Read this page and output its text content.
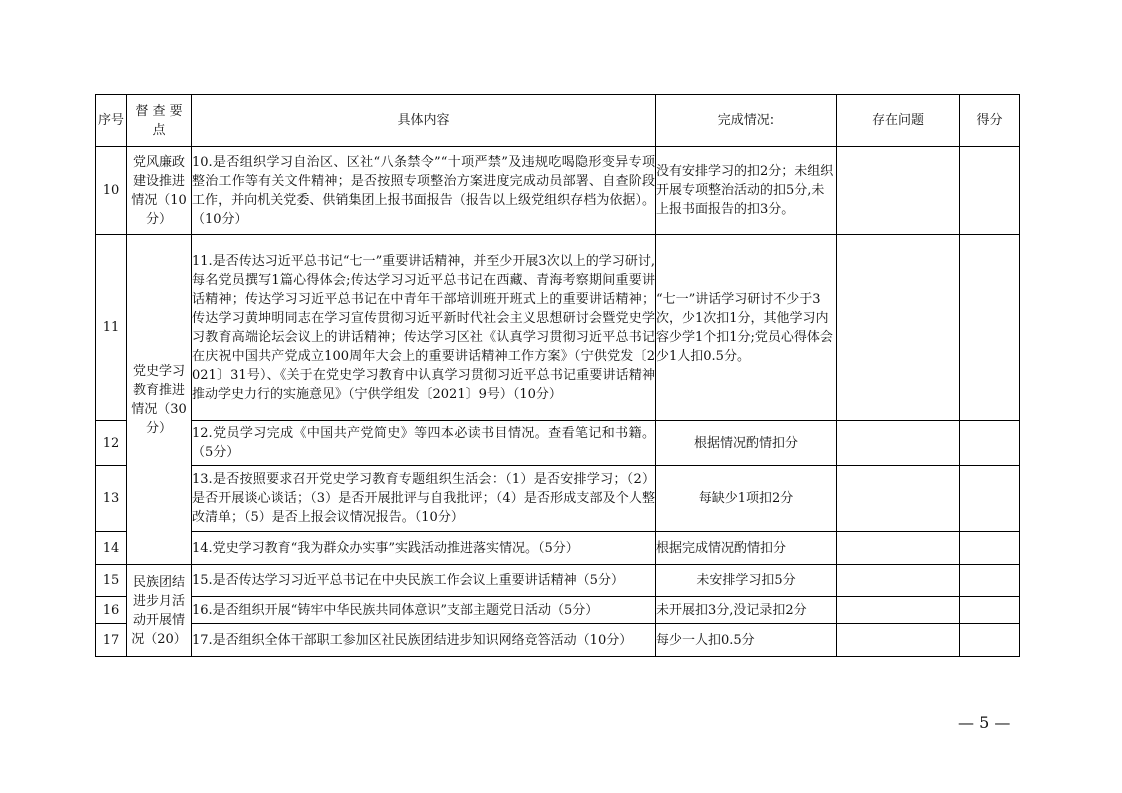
序号	督 查 要 点	具体内容	完成情况:	存在问题	得分
10	党风廉政建设推进情况（10分）	10.是否组织学习自治区、区社“八条禁令”“十项严禁”及违规吃喝隐形变异专项整治工作等有关文件精神；是否按照专项整治方案进度完成动员部署、自查阶段工作，并向机关党委、供销集团上报书面报告（报告以上级党组织存档为依据）。（10分）	没有安排学习的扣2分；未组织开展专项整治活动的扣5分,未上报书面报告的扣3分。		
11	党史学习教育推进情况（30分）	11.是否传达习近平总书记“七一”重要讲话精神，并至少开展3次以上的学习研讨,每名党员撰写1篇心得体会;传达学习习近平总书记在西藏、青海考察期间重要讲话精神；传达学习习近平总书记在中青年干部培训班开班式上的重要讲话精神；传达学习黄坤明同志在学习宣传贯彻习近平新时代社会主义思想研讨会暨党史学习教育高端论坛会议上的讲话精神；传达学习区社《认真学习贯彻习近平总书记在庆祝中国共产党成立100周年大会上的重要讲话精神工作方案》（宁供党发〔2021〕31号）、《关于在党史学习教育中认真学习贯彻习近平总书记重要讲话精神推动学史力行的实施意见》（宁供学组发〔2021〕9号）（10分）	“七一”讲话学习研讨不少于3次，少1次扣1分，其他学习内容少学1个扣1分;党员心得体会少1人扣0.5分。		
12		12.党员学习完成《中国共产党简史》等四本必读书目情况。查看笔记和书籍。（5分）	根据情况酌情扣分		
13		13.是否按照要求召开党史学习教育专题组织生活会：（1）是否安排学习；（2）是否开展谈心谈话；（3）是否开展批评与自我批评；（4）是否形成支部及个人整改清单；（5）是否上报会议情况报告。（10分）	每缺少1项扣2分		
14		14.党史学习教育“我为群众办实事”实践活动推进落实情况。（5分）	根据完成情况酌情扣分		
15	民族团结进步月活动开展情况（20）	15.是否传达学习习近平总书记在中央民族工作会议上重要讲话精神（5分）	未安排学习扣5分		
16		16.是否组织开展“铸牢中华民族共同体意识”支部主题党日活动（5分）	未开展扣3分,没记录扣2分		
17		17.是否组织全体干部职工参加区社民族团结进步知识网络竞答活动（10分）	每少一人扣0.5分		
— 5 —
